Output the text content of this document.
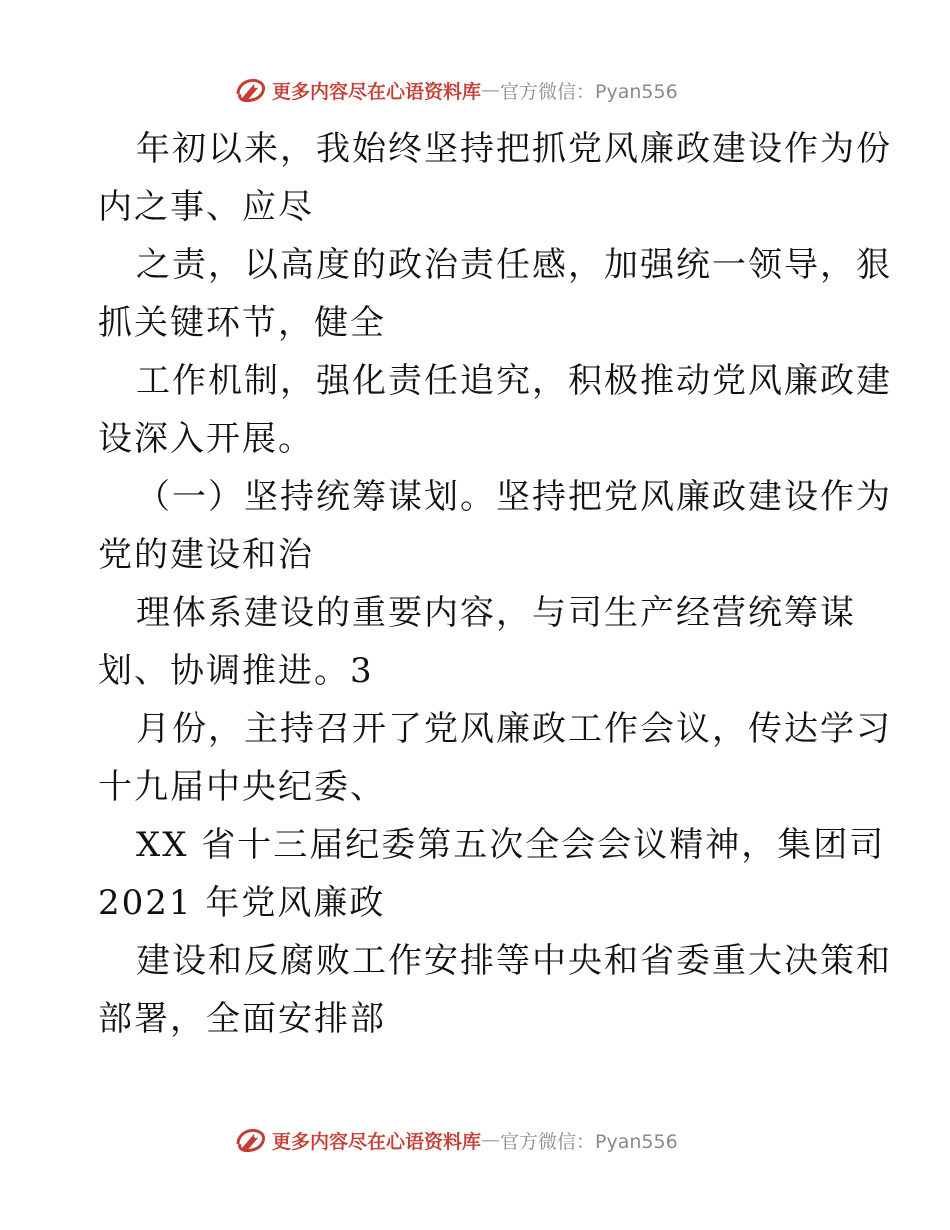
更多内容尽在心语资料库 — 官方微信：Pyan556
年初以来，我始终坚持把抓党风廉政建设作为份
内之事、应尽
之责，以高度的政治责任感，加强统一领导，狠
抓关键环节，健全
工作机制，强化责任追究，积极推动党风廉政建
设深入开展。
（一）坚持统筹谋划。坚持把党风廉政建设作为
党的建设和治
理体系建设的重要内容，与司生产经营统筹谋
划、协调推进。3
月份，主持召开了党风廉政工作会议，传达学习
十九届中央纪委、
XX 省十三届纪委第五次全会会议精神，集团司
2021 年党风廉政
建设和反腐败工作安排等中央和省委重大决策和
部署，全面安排部
更多内容尽在心语资料库 — 官方微信：Pyan556
